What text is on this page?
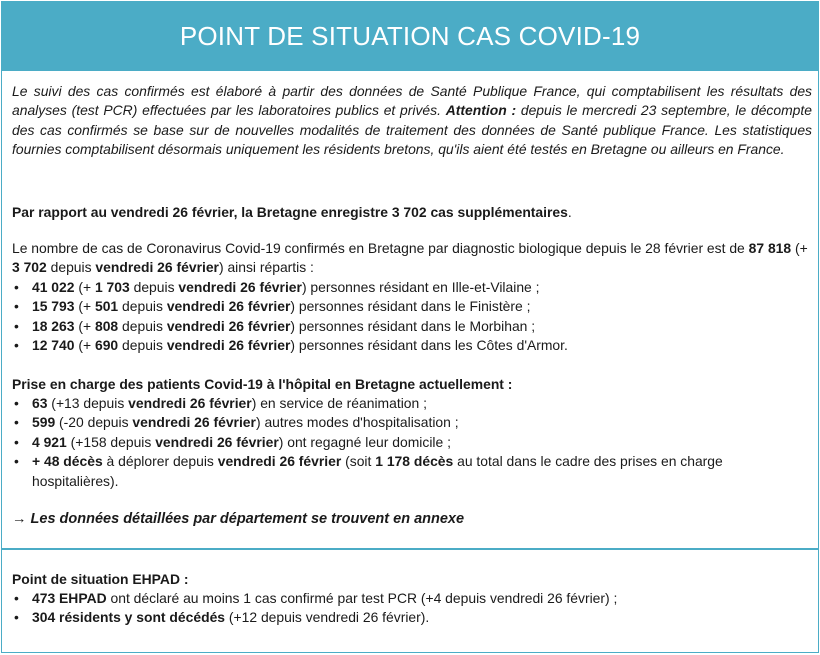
POINT DE SITUATION CAS COVID-19

Le suivi des cas confirmés est élaboré à partir des données de Santé Publique France, qui comptabilisent les résultats des analyses (test PCR) effectuées par les laboratoires publics et privés. Attention : depuis le mercredi 23 septembre, le décompte des cas confirmés se base sur de nouvelles modalités de traitement des données de Santé publique France. Les statistiques fournies comptabilisent désormais uniquement les résidents bretons, qu'ils aient été testés en Bretagne ou ailleurs en France.

Par rapport au vendredi 26 février, la Bretagne enregistre 3 702 cas supplémentaires.

Le nombre de cas de Coronavirus Covid-19 confirmés en Bretagne par diagnostic biologique depuis le 28 février est de 87 818 (+ 3 702 depuis vendredi 26 février) ainsi répartis :

• 41 022 (+ 1 703 depuis vendredi 26 février) personnes résidant en Ille-et-Vilaine ;
• 15 793 (+ 501 depuis vendredi 26 février) personnes résidant dans le Finistère ;
• 18 263 (+ 808 depuis vendredi 26 février) personnes résidant dans le Morbihan ;
• 12 740 (+ 690 depuis vendredi 26 février) personnes résidant dans les Côtes d'Armor.

Prise en charge des patients Covid-19 à l'hôpital en Bretagne actuellement :

• 63 (+13 depuis vendredi 26 février) en service de réanimation ;
• 599 (-20 depuis vendredi 26 février) autres modes d'hospitalisation ;
• 4 921 (+158 depuis vendredi 26 février) ont regagné leur domicile ;
• + 48 décès à déplorer depuis vendredi 26 février (soit 1 178 décès au total dans le cadre des prises en charge hospitalières).

→ Les données détaillées par département se trouvent en annexe

Point de situation EHPAD :

• 473 EHPAD ont déclaré au moins 1 cas confirmé par test PCR (+4 depuis vendredi 26 février) ;
• 304 résidents y sont décédés (+12 depuis vendredi 26 février).
